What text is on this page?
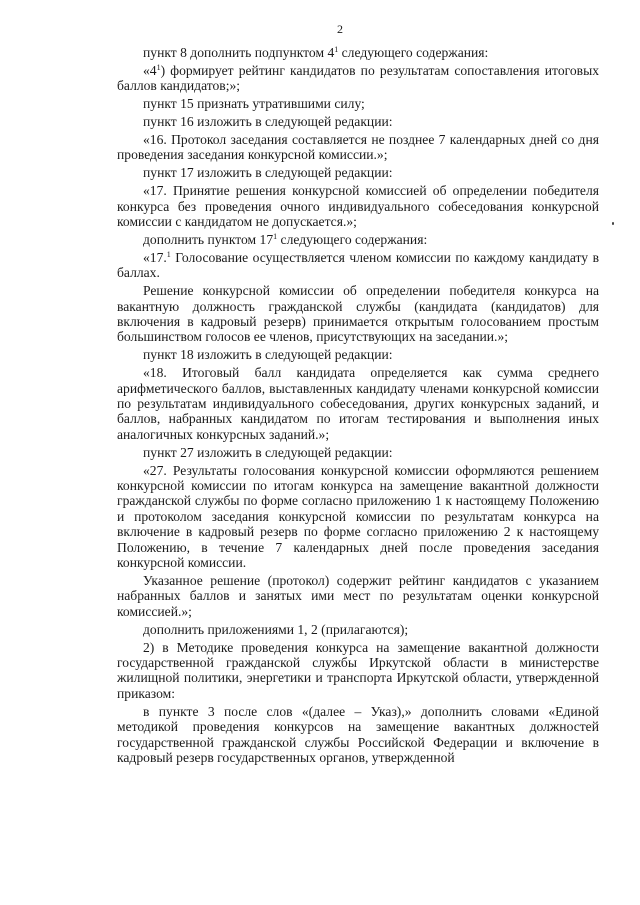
2

пункт 8 дополнить подпунктом $4^1$ следующего содержания:

«$4^1$) формирует рейтинг кандидатов по результатам сопоставления итоговых баллов кандидатов;»;

пункт 15 признать утратившими силу;

пункт 16 изложить в следующей редакции:

«16. Протокол заседания составляется не позднее 7 календарных дней со дня проведения заседания конкурсной комиссии.»;

пункт 17 изложить в следующей редакции:

«17. Принятие решения конкурсной комиссией об определении победителя конкурса без проведения очного индивидуального собеседования конкурсной комиссии с кандидатом не допускается.»;

дополнить пунктом $17^1$ следующего содержания:

«17.$^1$ Голосование осуществляется членом комиссии по каждому кандидату в баллах.

Решение конкурсной комиссии об определении победителя конкурса на вакантную должность гражданской службы (кандидата (кандидатов) для включения в кадровый резерв) принимается открытым голосованием простым большинством голосов ее членов, присутствующих на заседании.»;

пункт 18 изложить в следующей редакции:

«18. Итоговый балл кандидата определяется как сумма среднего арифметического баллов, выставленных кандидату членами конкурсной комиссии по результатам индивидуального собеседования, других конкурсных заданий, и баллов, набранных кандидатом по итогам тестирования и выполнения иных аналогичных конкурсных заданий.»;

пункт 27 изложить в следующей редакции:

«27. Результаты голосования конкурсной комиссии оформляются решением конкурсной комиссии по итогам конкурса на замещение вакантной должности гражданской службы по форме согласно приложению 1 к настоящему Положению и протоколом заседания конкурсной комиссии по результатам конкурса на включение в кадровый резерв по форме согласно приложению 2 к настоящему Положению, в течение 7 календарных дней после проведения заседания конкурсной комиссии.

Указанное решение (протокол) содержит рейтинг кандидатов с указанием набранных баллов и занятых ими мест по результатам оценки конкурсной комиссией.»;

дополнить приложениями 1, 2 (прилагаются);

2) в Методике проведения конкурса на замещение вакантной должности государственной гражданской службы Иркутской области в министерстве жилищной политики, энергетики и транспорта Иркутской области, утвержденной приказом:

в пункте 3 после слов «(далее – Указ),» дополнить словами «Единой методикой проведения конкурсов на замещение вакантных должностей государственной гражданской службы Российской Федерации и включение в кадровый резерв государственных органов, утвержденной
